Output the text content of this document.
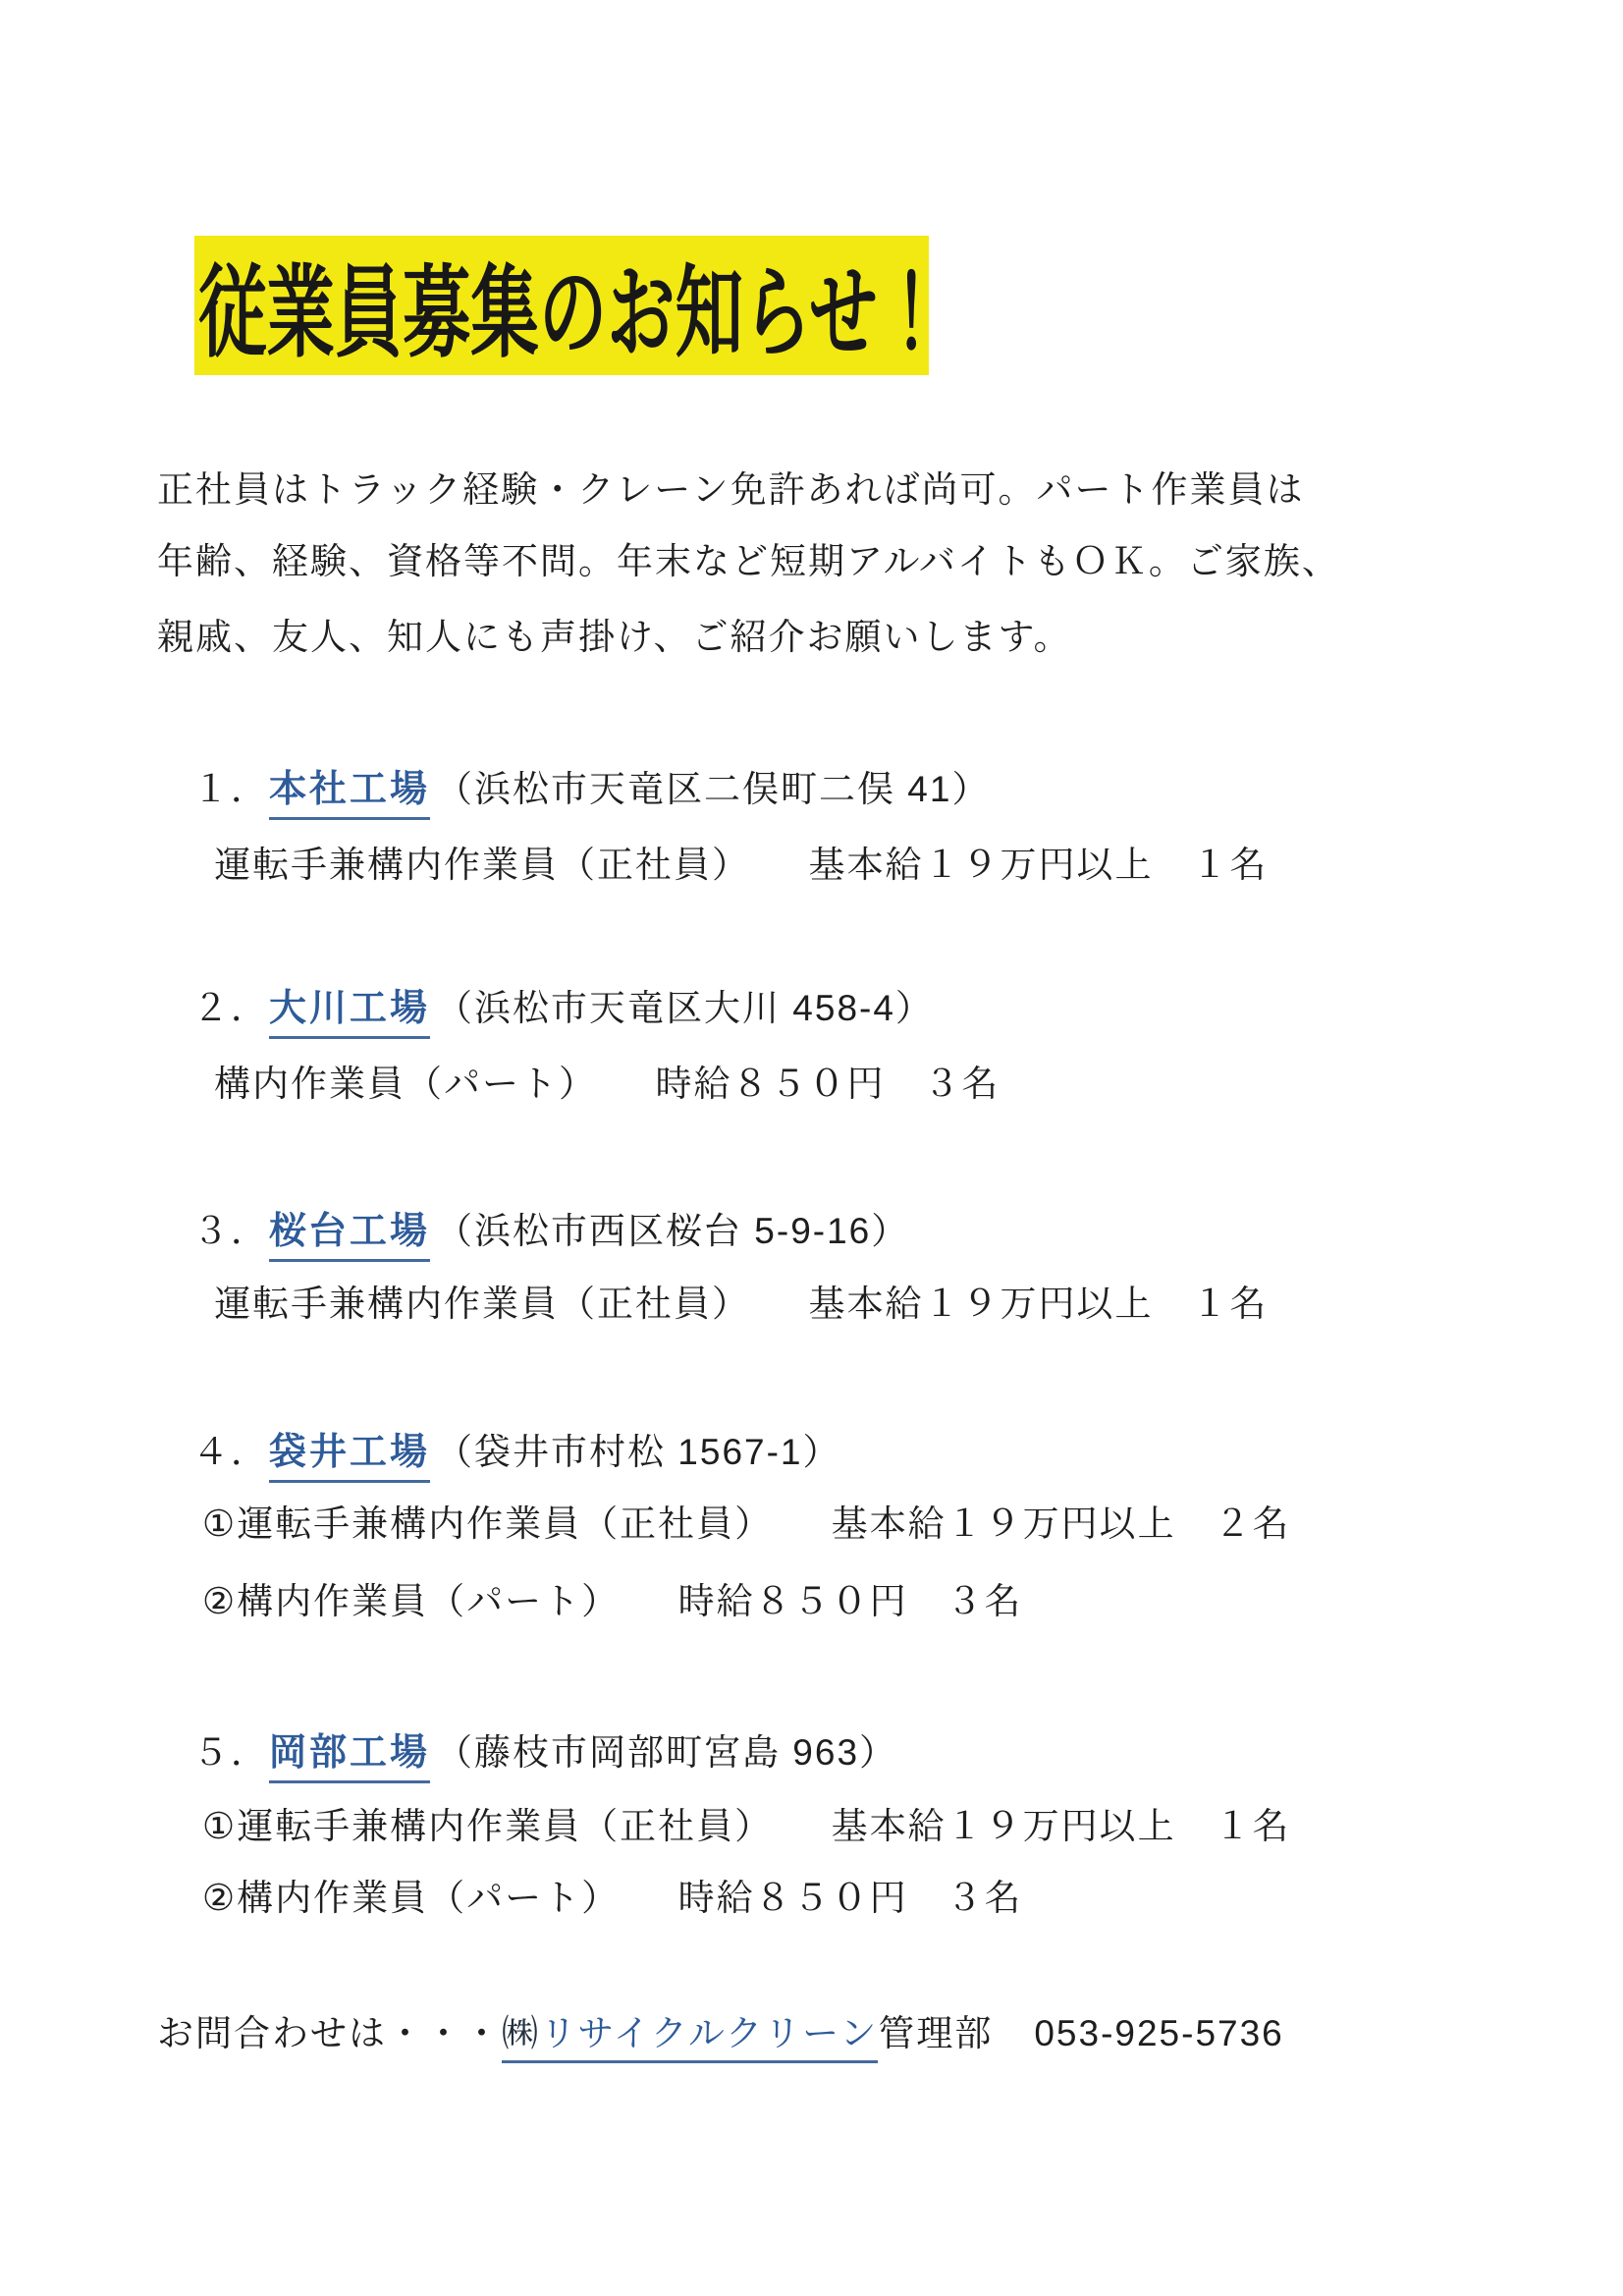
従業員募集のお知らせ！
正社員はトラック経験・クレーン免許あれば尚可。パート作業員は
年齢、経験、資格等不問。年末など短期アルバイトもＯＫ。ご家族、
親戚、友人、知人にも声掛け、ご紹介お願いします。
１． 本社工場 （浜松市天竜区二俣町二俣 41）
運転手兼構内作業員（正社員）　　基本給１９万円以上　１名
２． 大川工場 （浜松市天竜区大川 458-4）
構内作業員（パート）　　時給８５０円　３名
３． 桜台工場 （浜松市西区桜台 5-9-16）
運転手兼構内作業員（正社員）　　基本給１９万円以上　１名
４． 袋井工場 （袋井市村松 1567-1）
①運転手兼構内作業員（正社員）　　基本給１９万円以上　２名
②構内作業員（パート）　　時給８５０円　３名
５． 岡部工場 （藤枝市岡部町宮島 963）
①運転手兼構内作業員（正社員）　　基本給１９万円以上　１名
②構内作業員（パート）　　時給８５０円　３名
お問合わせは・・・ ㈱リサイクルクリーン 管理部 053-925-5736
